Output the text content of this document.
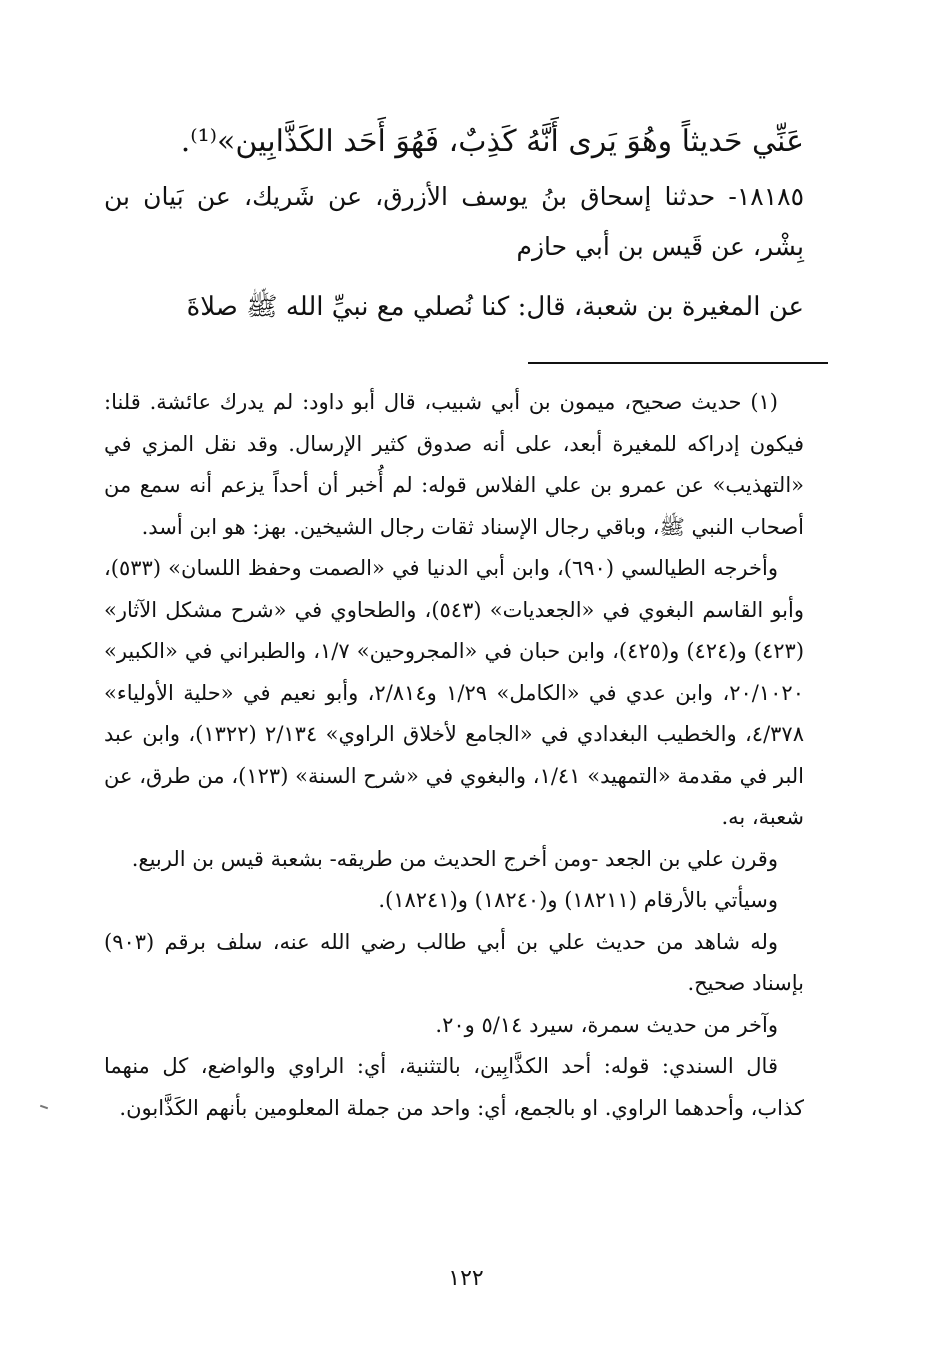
عَنِّي حَديثاً وهُوَ يَرى أَنَّهُ كَذِبٌ، فَهُوَ أَحَد الكَذَّابِين»⁽¹⁾.

١٨١٨٥- حدثنا إسحاق بنُ يوسف الأزرق، عن شَريك، عن بَيان بن بِشْر، عن قَيس بن أبي حازم

عن المغيرة بن شعبة، قال: كنا نُصلي مع نبيِّ الله ﷺ صلاةَ

(١) حديث صحيح، ميمون بن أبي شبيب، قال أبو داود: لم يدرك عائشة. قلنا: فيكون إدراكه للمغيرة أبعد، على أنه صدوق كثير الإرسال. وقد نقل المزي في «التهذيب» عن عمرو بن علي الفلاس قوله: لم أُخبر أن أحداً يزعم أنه سمع من أصحاب النبي ﷺ، وباقي رجال الإسناد ثقات رجال الشيخين. بهز: هو ابن أسد.

وأخرجه الطيالسي (٦٩٠)، وابن أبي الدنيا في «الصمت وحفظ اللسان» (٥٣٣)، وأبو القاسم البغوي في «الجعديات» (٥٤٣)، والطحاوي في «شرح مشكل الآثار» (٤٢٣) و(٤٢٤) و(٤٢٥)، وابن حبان في «المجروحين» ١/٧، والطبراني في «الكبير» ٢٠/١٠٢٠، وابن عدي في «الكامل» ١/٢٩ و٢/٨١٤، وأبو نعيم في «حلية الأولياء» ٤/٣٧٨، والخطيب البغدادي في «الجامع لأخلاق الراوي» ٢/١٣٤ (١٣٢٢)، وابن عبد البر في مقدمة «التمهيد» ١/٤١، والبغوي في «شرح السنة» (١٢٣)، من طرق، عن شعبة، به.

وقرن علي بن الجعد -ومن أخرج الحديث من طريقه- بشعبة قيس بن الربيع.

وسيأتي بالأرقام (١٨٢١١) و(١٨٢٤٠) و(١٨٢٤١).

وله شاهد من حديث علي بن أبي طالب رضي الله عنه، سلف برقم (٩٠٣) بإسناد صحيح.

وآخر من حديث سمرة، سيرد ٥/١٤ و٢٠.

قال السندي: قوله: أحد الكذَّابِين، بالتثنية، أي: الراوي والواضع، كل منهما كذاب، وأحدهما الراوي. او بالجمع، أي: واحد من جملة المعلومين بأنهم الكَذَّابون.

١٢٢
